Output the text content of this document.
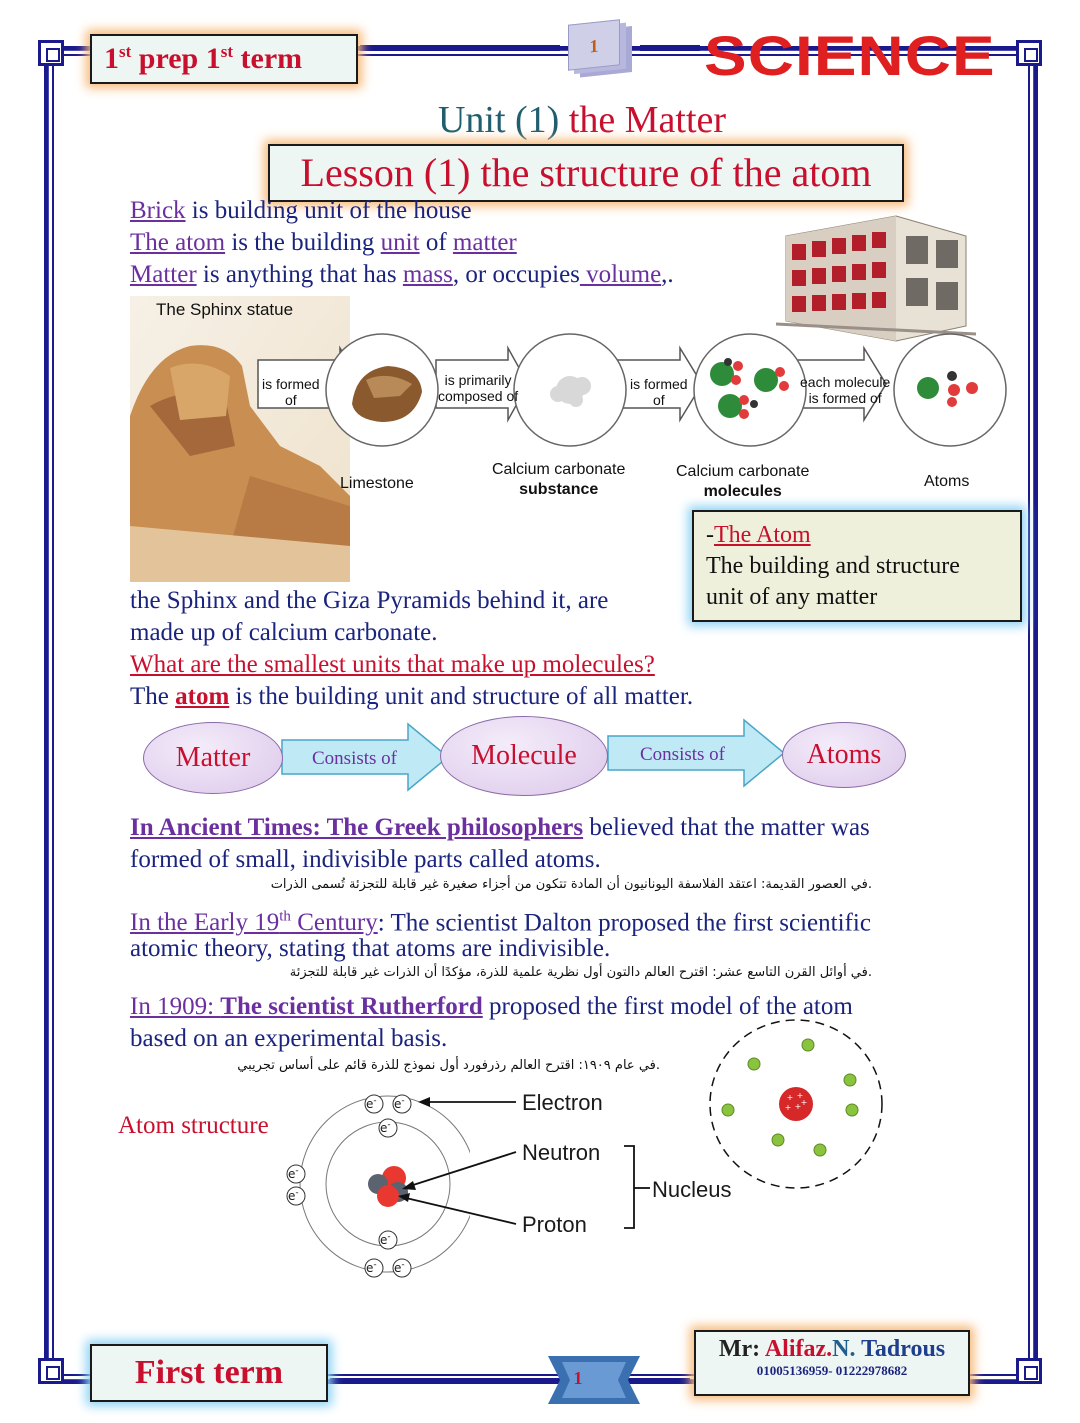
1st prep 1st term	1	SCIENCE
Unit (1) the Matter
Lesson (1) the structure of the atom
Brick is building unit of the house
The atom is the building unit of matter
Matter is anything that has mass, or occupies volume,.
The Sphinx statue
is formed
of
is primarily
composed of
is formed
of
each molecule
is formed of
Limestone
Calcium carbonate
substance
Calcium carbonate
molecules
Atoms
-The Atom
The building and structure
unit of any matter
the Sphinx and the Giza Pyramids behind it, are
made up of calcium carbonate.
What are the smallest units that make up molecules?
The atom is the building unit and structure of all matter.
Consists of	Consists of
Matter	Molecule	Atoms
In Ancient Times: The Greek philosophers believed that the matter was
formed of small, indivisible parts called atoms.
.في العصور القديمة: اعتقد الفلاسفة اليونانيون أن المادة تتكون من أجزاء صغيرة غير قابلة للتجزئة تُسمى الذرات
In the Early 19th Century: The scientist Dalton proposed the first scientific
atomic theory, stating that atoms are indivisible.
.في أوائل القرن التاسع عشر: اقترح العالم دالتون أول نظرية علمية للذرة، مؤكدًا أن الذرات غير قابلة للتجزئة
In 1909: The scientist Rutherford proposed the first model of the atom
based on an experimental basis.
.في عام ١٩٠٩: اقترح العالم رذرفورد أول نموذج للذرة قائم على أساس تجريبي
+ +
+ + +
Atom structure
e- e-
e-
e-
e-
e-
e- e-
Electron
Neutron
Proton
Nucleus
First term	1
Mr: Alifaz.N. Tadrous
01005136959- 01222978682
